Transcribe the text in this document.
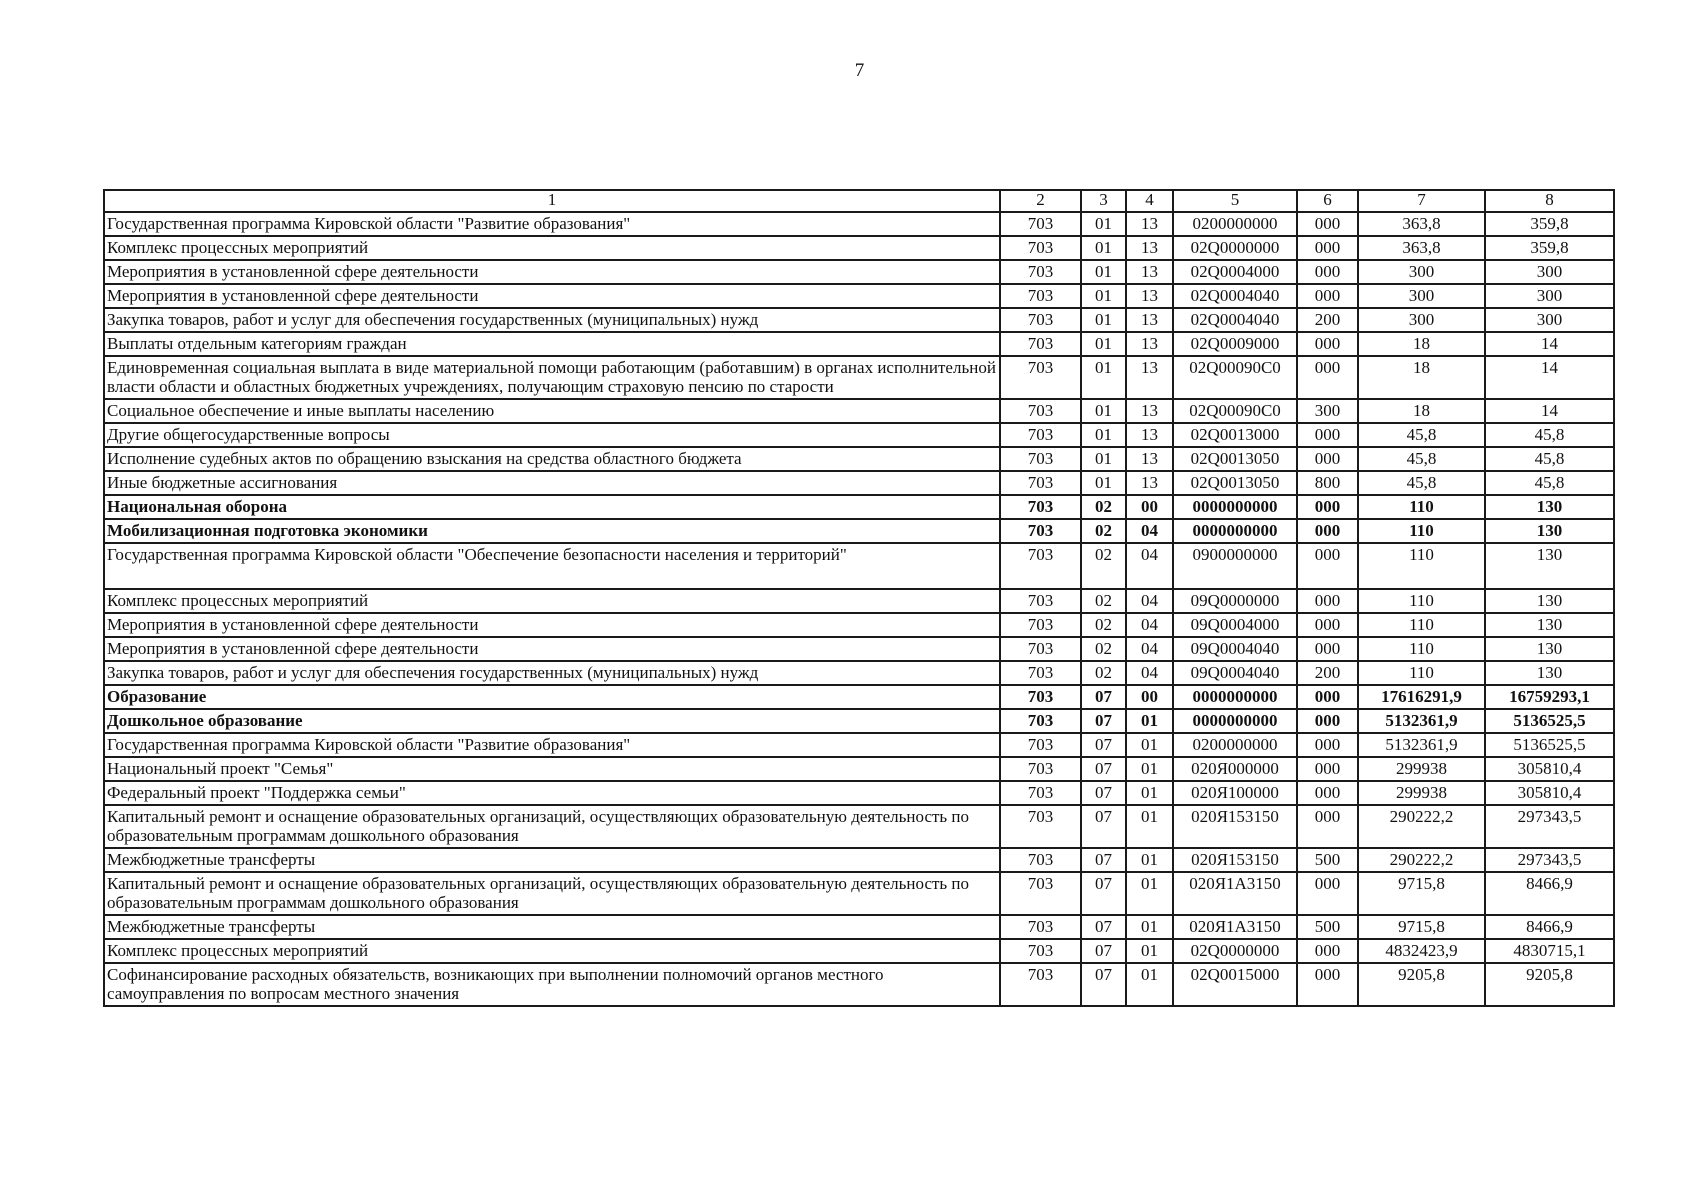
7
1	2	3	4	5	6	7	8
Государственная программа Кировской области "Развитие образования"	703	01	13	0200000000	000	363,8	359,8
Комплекс процессных мероприятий	703	01	13	02Q0000000	000	363,8	359,8
Мероприятия в установленной сфере деятельности	703	01	13	02Q0004000	000	300	300
Мероприятия в установленной сфере деятельности	703	01	13	02Q0004040	000	300	300
Закупка товаров, работ и услуг для обеспечения государственных (муниципальных) нужд	703	01	13	02Q0004040	200	300	300
Выплаты отдельным категориям граждан	703	01	13	02Q0009000	000	18	14
Единовременная социальная выплата в виде материальной помощи работающим (работавшим) в органах исполнительной власти области и областных бюджетных учреждениях, получающим страховую пенсию по старости	703	01	13	02Q00090C0	000	18	14
Социальное обеспечение и иные выплаты населению	703	01	13	02Q00090C0	300	18	14
Другие общегосударственные вопросы	703	01	13	02Q0013000	000	45,8	45,8
Исполнение судебных актов по обращению взыскания на средства областного бюджета	703	01	13	02Q0013050	000	45,8	45,8
Иные бюджетные ассигнования	703	01	13	02Q0013050	800	45,8	45,8
Национальная оборона	703	02	00	0000000000	000	110	130
Мобилизационная подготовка экономики	703	02	04	0000000000	000	110	130
Государственная программа Кировской области "Обеспечение безопасности населения и территорий"	703	02	04	0900000000	000	110	130
Комплекс процессных мероприятий	703	02	04	09Q0000000	000	110	130
Мероприятия в установленной сфере деятельности	703	02	04	09Q0004000	000	110	130
Мероприятия в установленной сфере деятельности	703	02	04	09Q0004040	000	110	130
Закупка товаров, работ и услуг для обеспечения государственных (муниципальных) нужд	703	02	04	09Q0004040	200	110	130
Образование	703	07	00	0000000000	000	17616291,9	16759293,1
Дошкольное образование	703	07	01	0000000000	000	5132361,9	5136525,5
Государственная программа Кировской области "Развитие образования"	703	07	01	0200000000	000	5132361,9	5136525,5
Национальный проект "Семья"	703	07	01	020Я000000	000	299938	305810,4
Федеральный проект "Поддержка семьи"	703	07	01	020Я100000	000	299938	305810,4
Капитальный ремонт и оснащение образовательных организаций, осуществляющих образовательную деятельность по образовательным программам дошкольного образования	703	07	01	020Я153150	000	290222,2	297343,5
Межбюджетные трансферты	703	07	01	020Я153150	500	290222,2	297343,5
Капитальный ремонт и оснащение образовательных организаций, осуществляющих образовательную деятельность по образовательным программам дошкольного образования	703	07	01	020Я1А3150	000	9715,8	8466,9
Межбюджетные трансферты	703	07	01	020Я1А3150	500	9715,8	8466,9
Комплекс процессных мероприятий	703	07	01	02Q0000000	000	4832423,9	4830715,1
Софинансирование расходных обязательств, возникающих при выполнении полномочий органов местного самоуправления по вопросам местного значения	703	07	01	02Q0015000	000	9205,8	9205,8
